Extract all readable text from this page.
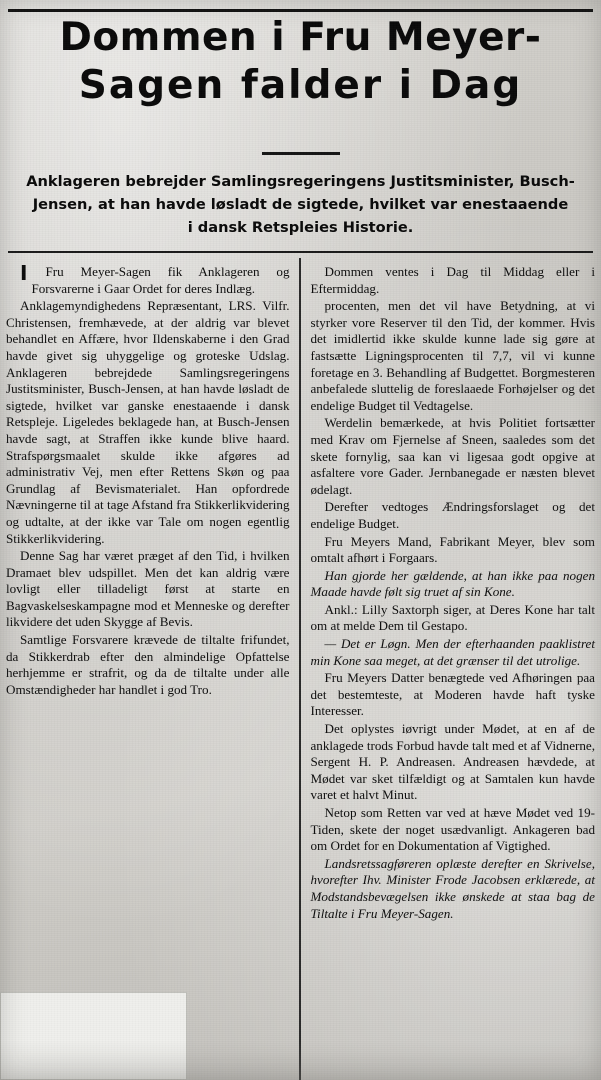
Dommen i Fru Meyer-
Sagen falder i Dag
Anklageren bebrejder Samlingsregeringens Justitsminister, Busch-
Jensen, at han havde løsladt de sigtede, hvilket var enestaaende
i dansk Retspleies Historie.

I	Fru Meyer-Sagen fik Anklageren og Forsvarerne i Gaar Ordet for deres Indlæg.

Anklagemyndighedens Repræsentant, LRS. Vilfr. Christensen, fremhævede, at der aldrig var blevet behandlet en Affære, hvor Ildenskaberne i den Grad havde givet sig uhyggelige og groteske Udslag. Anklageren bebrejdede Samlingsregeringens Justitsminister, Busch-Jensen, at han havde løsladt de sigtede, hvilket var ganske enestaaende i dansk Retspleje. Ligeledes beklagede han, at Busch-Jensen havde sagt, at Straffen ikke kunde blive haard. Strafspørgsmaalet skulde ikke afgøres ad administrativ Vej, men efter Rettens Skøn og paa Grundlag af Bevismaterialet. Han opfordrede Nævningerne til at tage Afstand fra Stikkerlikvidering og udtalte, at der ikke var Tale om nogen egentlig Stikkerlikvidering.

Denne Sag har været præget af den Tid, i hvilken Dramaet blev udspillet. Men det kan aldrig være lovligt eller tilladeligt først at starte en Bagvaskelseskampagne mod et Menneske og derefter likvidere det uden Skygge af Bevis.

Samtlige Forsvarere krævede de tiltalte frifundet, da Stikkerdrab efter den almindelige Opfattelse herhjemme er strafrit, og da de tiltalte under alle Omstændigheder har handlet i god Tro.

Dommen ventes i Dag til Middag eller i Eftermiddag.

procenten, men det vil have Betydning, at vi styrker vore Reserver til den Tid, der kommer. Hvis det imidlertid ikke skulde kunne lade sig gøre at fastsætte Ligningsprocenten til 7,7, vil vi kunne foretage en 3. Behandling af Budgettet. Borgmesteren anbefalede sluttelig de foreslaaede Forhøjelser og det endelige Budget til Vedtagelse.

Werdelin bemærkede, at hvis Politiet fortsætter med Krav om Fjernelse af Sneen, saaledes som det skete fornylig, saa kan vi ligesaa godt opgive at asfaltere vore Gader. Jernbanegade er næsten blevet ødelagt.

Derefter vedtoges Ændringsforslaget og det endelige Budget.

Fru Meyers Mand, Fabrikant Meyer, blev som omtalt afhørt i Forgaars.

Han gjorde her gældende, at han ikke paa nogen Maade havde følt sig truet af sin Kone.

Ankl.: Lilly Saxtorph siger, at Deres Kone har talt om at melde Dem til Gestapo.

— Det er Løgn. Men der efterhaanden paaklistret min Kone saa meget, at det grænser til det utrolige.

Fru Meyers Datter benægtede ved Afhøringen paa det bestemteste, at Moderen havde haft tyske Interesser.

Det oplystes iøvrigt under Mødet, at en af de anklagede trods Forbud havde talt med et af Vidnerne, Sergent H. P. Andreasen. Andreasen hævdede, at Mødet var sket tilfældigt og at Samtalen kun havde varet et halvt Minut.

Netop som Retten var ved at hæve Mødet ved 19-Tiden, skete der noget usædvanligt. Ankageren bad om Ordet for en Dokumentation af Vigtighed.

Landsretssagføreren oplæste derefter en Skrivelse, hvorefter Ihv. Minister Frode Jacobsen erklærede, at Modstandsbevægelsen ikke ønskede at staa bag de Tiltalte i Fru Meyer-Sagen.
